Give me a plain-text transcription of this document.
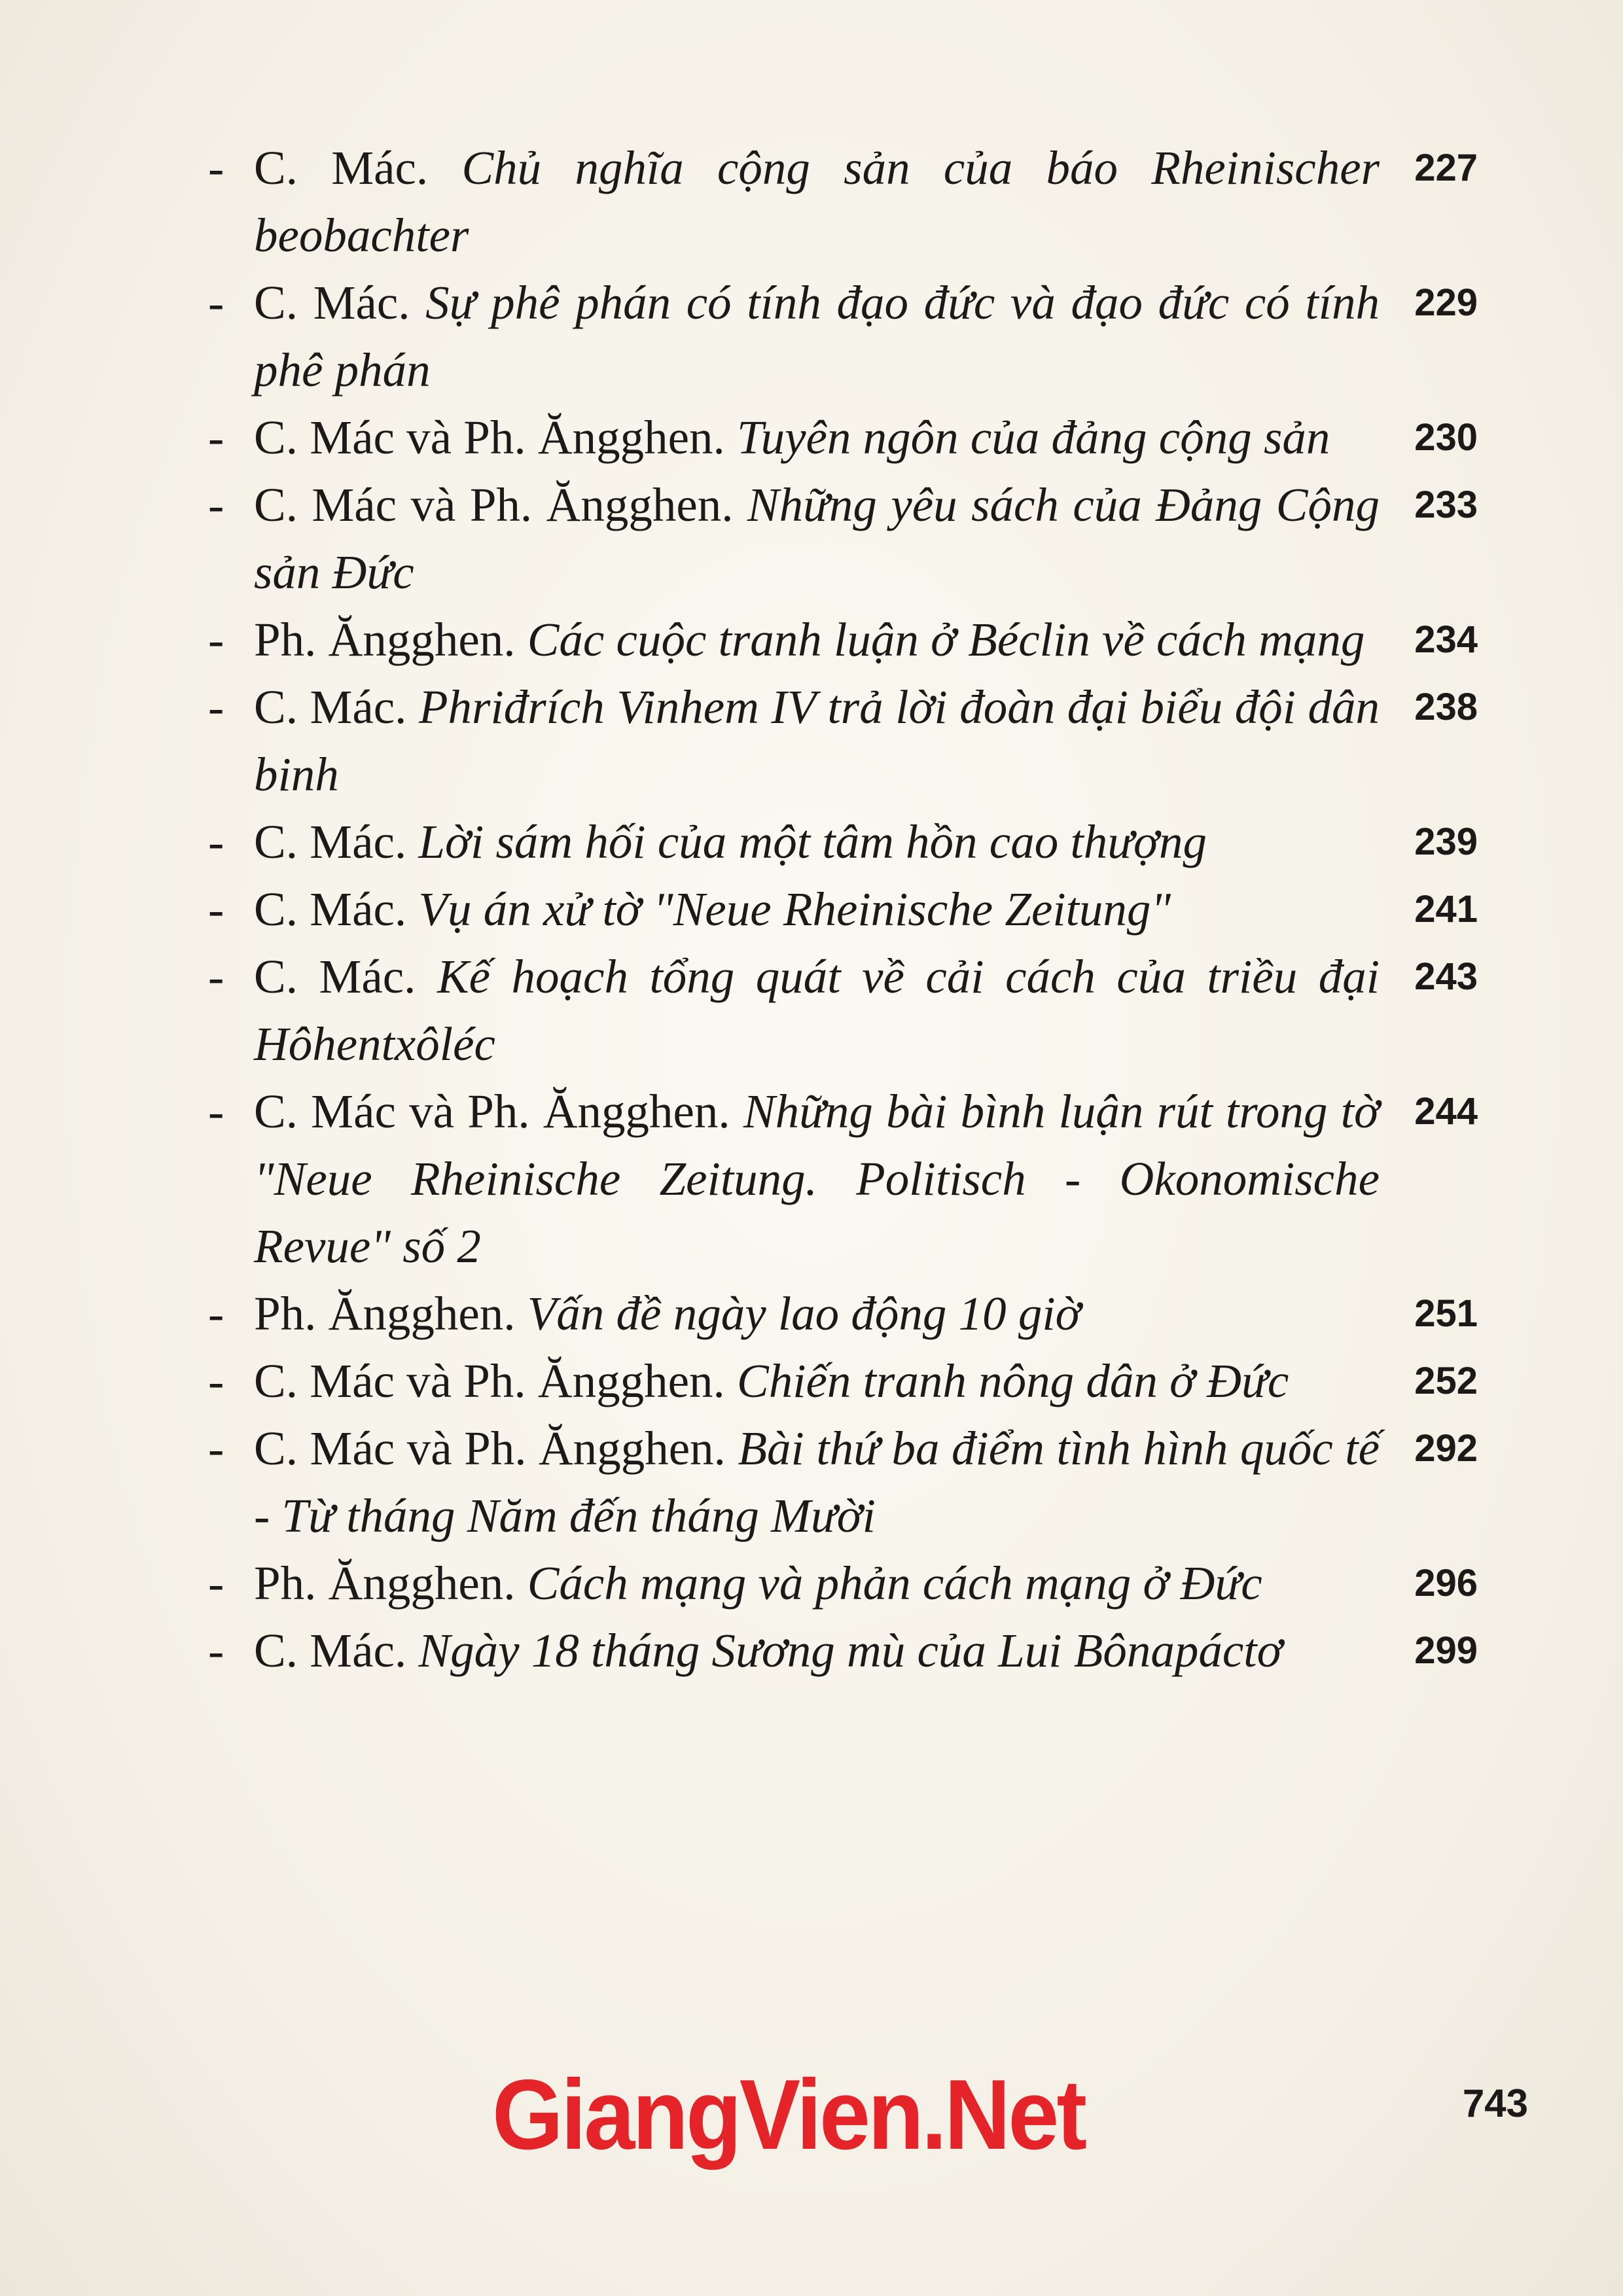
- C. Mác. Chủ nghĩa cộng sản của báo Rheinischer beobachter
227
- C. Mác. Sự phê phán có tính đạo đức và đạo đức có tính phê phán
229
- C. Mác và Ph. Ăngghen. Tuyên ngôn của đảng cộng sản	230
- C. Mác và Ph. Ăngghen. Những yêu sách của Đảng Cộng sản Đức
233
- Ph. Ăngghen. Các cuộc tranh luận ở Béclin về cách mạng	234
- C. Mác. Phriđrích Vinhem IV trả lời đoàn đại biểu đội dân binh
238
- C. Mác. Lời sám hối của một tâm hồn cao thượng	239
- C. Mác. Vụ án xử tờ "Neue Rheinische Zeitung"	241
- C. Mác. Kế hoạch tổng quát về cải cách của triều đại Hôhentxôléc
243
- C. Mác và Ph. Ăngghen. Những bài bình luận rút trong tờ "Neue Rheinische Zeitung. Politisch - Okonomische Revue" số 2
244
- Ph. Ăngghen. Vấn đề ngày lao động 10 giờ	251
- C. Mác và Ph. Ăngghen. Chiến tranh nông dân ở Đức	252
- C. Mác và Ph. Ăngghen. Bài thứ ba điểm tình hình quốc tế - Từ tháng Năm đến tháng Mười
292
- Ph. Ăngghen. Cách mạng và phản cách mạng ở Đức	296
- C. Mác. Ngày 18 tháng Sương mù của Lui Bônapáctơ	299
GiangVien.Net	743
